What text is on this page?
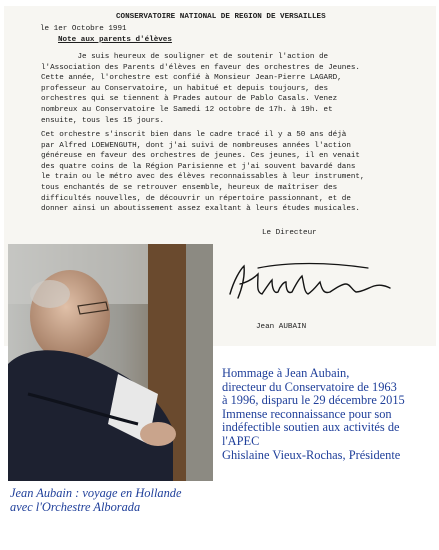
CONSERVATOIRE NATIONAL DE REGION DE VERSAILLES
le 1er Octobre 1991
Note aux parents d'élèves
Je suis heureux de souligner et de soutenir l'action de
l'Association des Parents d'élèves en faveur des orchestres de Jeunes.
Cette année, l'orchestre est confié à Monsieur Jean-Pierre LAGARD,
professeur au Conservatoire, un habitué et depuis toujours, des
orchestres qui se tiennent à Prades autour de Pablo Casals. Venez
nombreux au Conservatoire le Samedi 12 octobre de 17h. à 19h. et
ensuite, tous les 15 jours.
Cet orchestre s'inscrit bien dans le cadre tracé il y a 50 ans déjà
par Alfred LOEWENGUTH, dont j'ai suivi de nombreuses années l'action
généreuse en faveur des orchestres de jeunes. Ces jeunes, il en venait
des quatre coins de la Région Parisienne et j'ai souvent bavardé dans
le train ou le métro avec des élèves reconnaissables à leur instrument,
tous enchantés de se retrouver ensemble, heureux de maîtriser des
difficultés nouvelles, de découvrir un répertoire passionnant, et de
donner ainsi un aboutissement assez exaltant à leurs études musicales.
Le Directeur
Jean AUBAIN
Hommage à Jean Aubain,
directeur du Conservatoire de 1963
à 1996, disparu le 29 décembre 2015
Immense reconnaissance pour son
indéfectible soutien aux activités de
l'APEC
Ghislaine Vieux-Rochas, Présidente
Jean Aubain : voyage en Hollande
avec l'Orchestre Alborada
